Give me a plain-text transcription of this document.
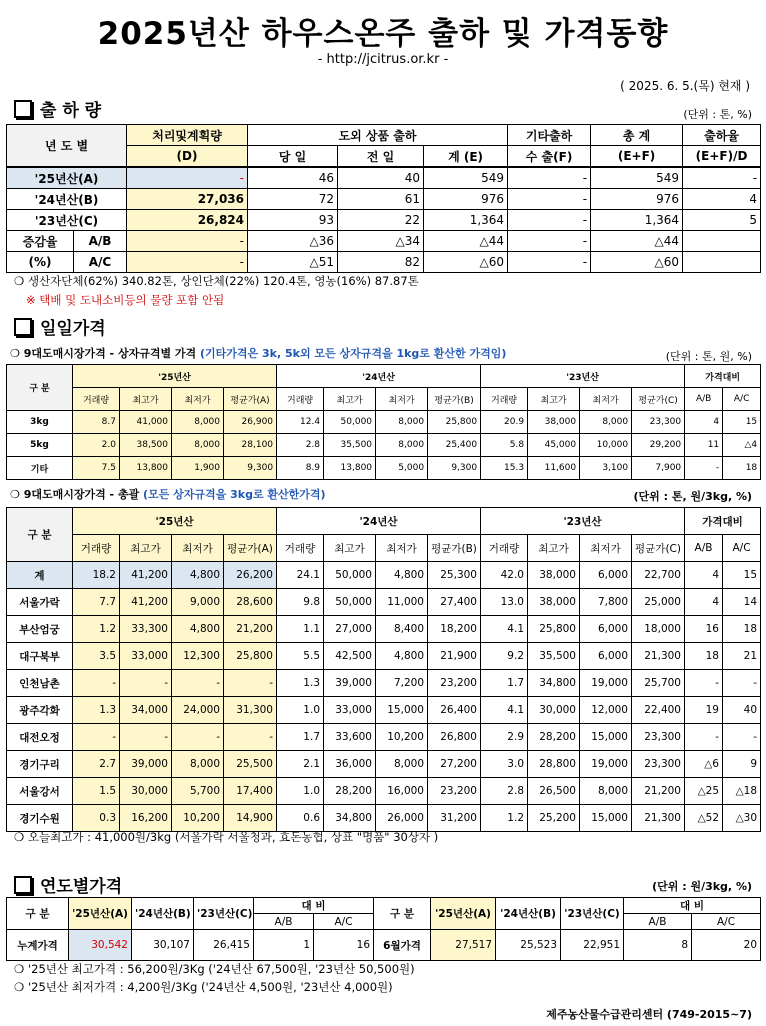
2025년산 하우스온주 출하 및 가격동향
- http://jcitrus.or.kr -
( 2025. 6. 5.(목) 현재 )
출 하 량	(단위 : 톤, %)
년 도 별		처리및계획량	도외 상품 출하			기타출하	총 계	출하율
		(D)	당 일	전 일	계 (E)	수 출(F)	(E+F)	(E+F)/D
'25년산(A)		-	46	40	549	-	549	-
'24년산(B)		27,036	72	61	976	-	976	4
'23년산(C)		26,824	93	22	1,364	-	1,364	5
증감율	A/B	-	△36	△34	△44	-	△44	
(%)	A/C	-	△51	82	△60	-	△60	
❍ 생산자단체(62%) 340.82톤, 상인단체(22%) 120.4톤, 영농(16%) 87.87톤
※ 택배 및 도내소비등의 물량 포함 안됨
일일가격
❍ 9대도매시장가격 - 상자규격별 가격 (기타가격은 3k, 5k외 모든 상자규격을 1kg로 환산한 가격임)	(단위 : 톤, 원, %)
구 분	'25년산				'24년산				'23년산				가격대비	
	거래량	최고가	최저가	평균가(A)	거래량	최고가	최저가	평균가(B)	거래량	최고가	최저가	평균가(C)	A/B	A/C
3kg	8.7	41,000	8,000	26,900	12.4	50,000	8,000	25,800	20.9	38,000	8,000	23,300	4	15
5kg	2.0	38,500	8,000	28,100	2.8	35,500	8,000	25,400	5.8	45,000	10,000	29,200	11	△4
기타	7.5	13,800	1,900	9,300	8.9	13,800	5,000	9,300	15.3	11,600	3,100	7,900	-	18
❍ 9대도매시장가격 - 총괄 (모든 상자규격을 3kg로 환산한가격)	(단위 : 톤, 원/3kg, %)
구 분	'25년산				'24년산				'23년산				가격대비	
	거래량	최고가	최저가	평균가(A)	거래량	최고가	최저가	평균가(B)	거래량	최고가	최저가	평균가(C)	A/B	A/C
계	18.2	41,200	4,800	26,200	24.1	50,000	4,800	25,300	42.0	38,000	6,000	22,700	4	15
서울가락	7.7	41,200	9,000	28,600	9.8	50,000	11,000	27,400	13.0	38,000	7,800	25,000	4	14
부산엄궁	1.2	33,300	4,800	21,200	1.1	27,000	8,400	18,200	4.1	25,800	6,000	18,000	16	18
대구북부	3.5	33,000	12,300	25,800	5.5	42,500	4,800	21,900	9.2	35,500	6,000	21,300	18	21
인천남촌	-	-	-	-	1.3	39,000	7,200	23,200	1.7	34,800	19,000	25,700	-	-
광주각화	1.3	34,000	24,000	31,300	1.0	33,000	15,000	26,400	4.1	30,000	12,000	22,400	19	40
대전오정	-	-	-	-	1.7	33,600	10,200	26,800	2.9	28,200	15,000	23,300	-	-
경기구리	2.7	39,000	8,000	25,500	2.1	36,000	8,000	27,200	3.0	28,800	19,000	23,300	△6	9
서울강서	1.5	30,000	5,700	17,400	1.0	28,200	16,000	23,200	2.8	26,500	8,000	21,200	△25	△18
경기수원	0.3	16,200	10,200	14,900	0.6	34,800	26,000	31,200	1.2	25,200	15,000	21,300	△52	△30
❍ 오늘최고가 : 41,000원/3kg (서울가락 서울청과, 효돈농협, 상표 "명품" 30상자 )
연도별가격	(단위 : 원/3kg, %)
구 분	'25년산(A)	'24년산(B)	'23년산(C)	대 비		구 분	'25년산(A)	'24년산(B)	'23년산(C)	대 비	
				A/B	A/C					A/B	A/C
누계가격	30,542	30,107	26,415	1	16	6월가격	27,517	25,523	22,951	8	20
❍ '25년산 최고가격 : 56,200원/3Kg ('24년산 67,500원, '23년산 50,500원)
❍ '25년산 최저가격 : 4,200원/3Kg ('24년산 4,500원, '23년산 4,000원)
제주농산물수급관리센터 (749-2015~7)
